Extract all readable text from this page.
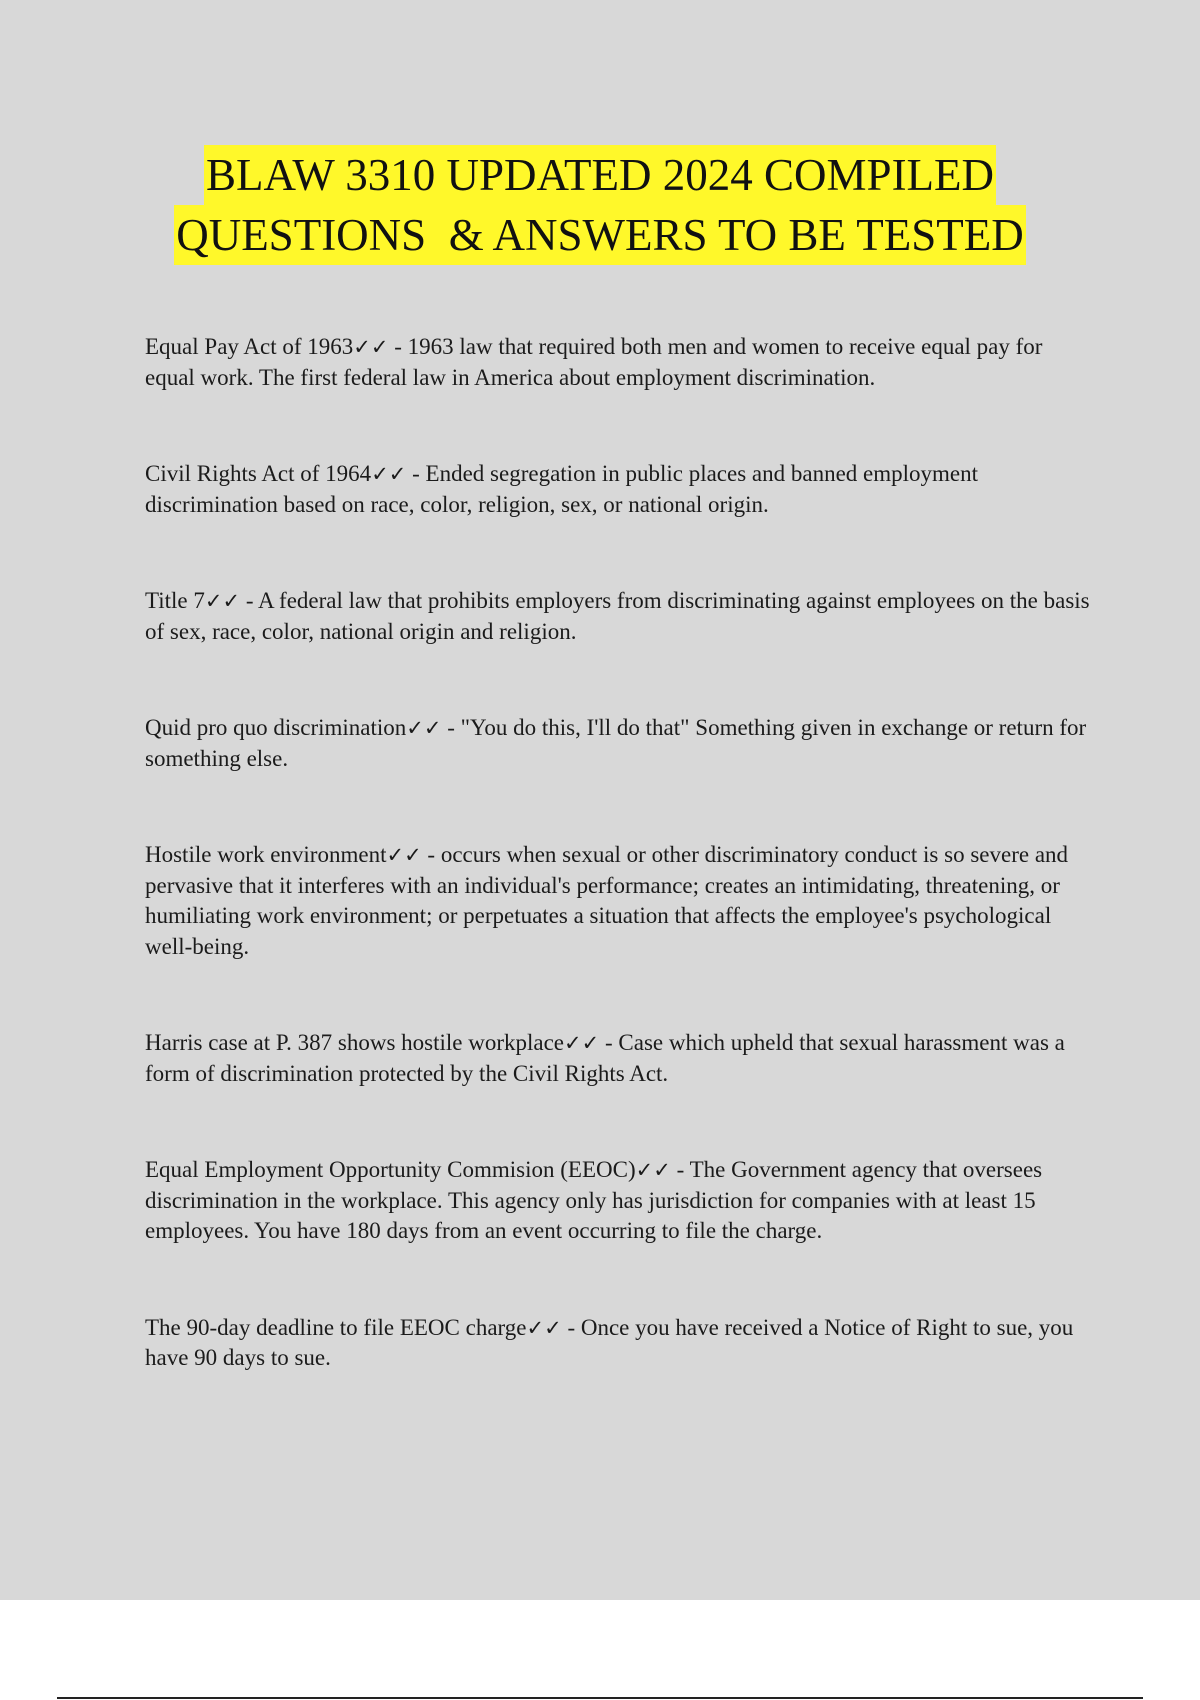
BLAW 3310 UPDATED 2024 COMPILED
QUESTIONS  & ANSWERS TO BE TESTED

Equal Pay Act of 1963✓✓ - 1963 law that required both men and women to receive equal pay for equal work. The first federal law in America about employment discrimination.

Civil Rights Act of 1964✓✓ - Ended segregation in public places and banned employment discrimination based on race, color, religion, sex, or national origin.

Title 7✓✓ - A federal law that prohibits employers from discriminating against employees on the basis of sex, race, color, national origin and religion.

Quid pro quo discrimination✓✓ - "You do this, I'll do that" Something given in exchange or return for something else.

Hostile work environment✓✓ - occurs when sexual or other discriminatory conduct is so severe and pervasive that it interferes with an individual's performance; creates an intimidating, threatening, or humiliating work environment; or perpetuates a situation that affects the employee's psychological well-being.

Harris case at P. 387 shows hostile workplace✓✓ - Case which upheld that sexual harassment was a form of discrimination protected by the Civil Rights Act.

Equal Employment Opportunity Commision (EEOC)✓✓ - The Government agency that oversees discrimination in the workplace. This agency only has jurisdiction for companies with at least 15 employees. You have 180 days from an event occurring to file the charge.

The 90-day deadline to file EEOC charge✓✓ - Once you have received a Notice of Right to sue, you have 90 days to sue.
